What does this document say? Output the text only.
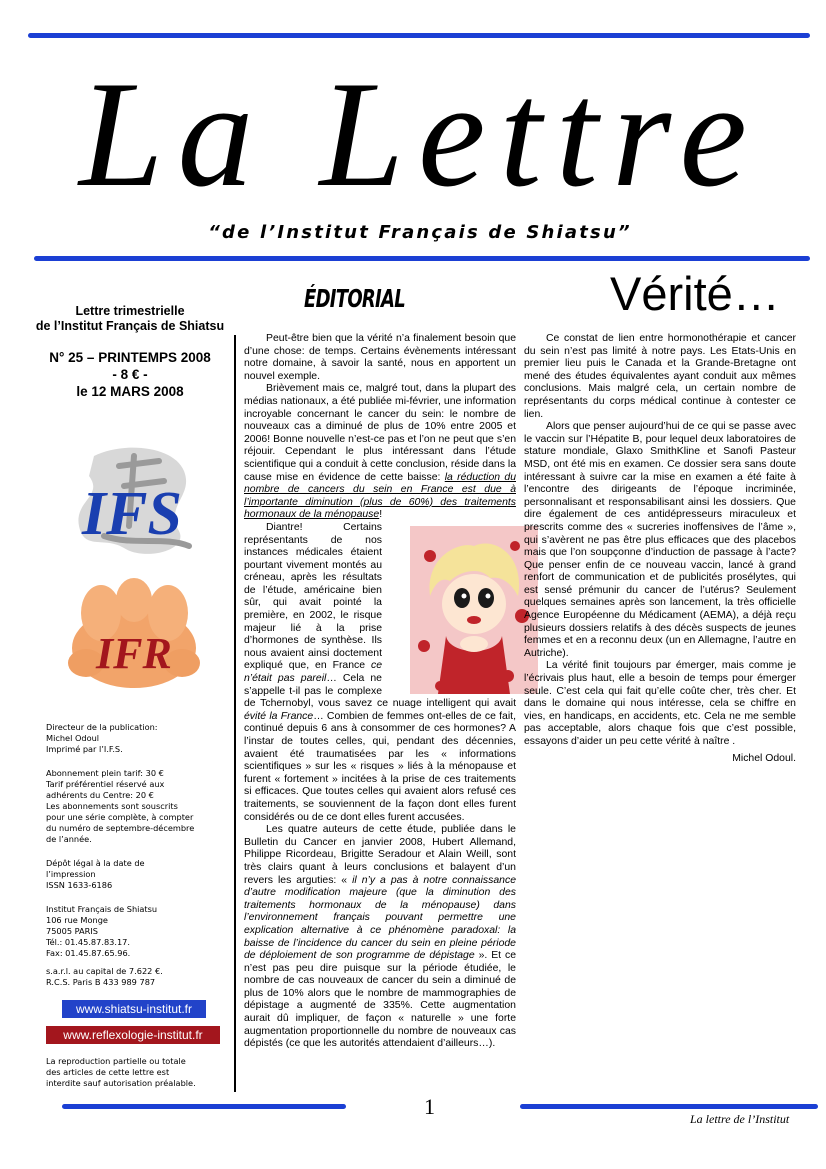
La Lettre
“de l’Institut Français de Shiatsu”
Lettre trimestrielle
de l’Institut Français de Shiatsu
N° 25 – PRINTEMPS 2008
- 8 € -
le 12 MARS 2008
IFS
IFR
Directeur de la publication:
Michel Odoul
Imprimé par l’I.F.S.
Abonnement plein tarif: 30 €
Tarif préférentiel réservé aux
adhérents du Centre: 20 €
Les abonnements sont souscrits
pour une série complète, à compter
du numéro de septembre-décembre
de l’année.
Dépôt légal à la date de
l’impression
ISSN 1633-6186
Institut Français de Shiatsu
106 rue Monge
75005 PARIS
Tél.: 01.45.87.83.17.
Fax: 01.45.87.65.96.
s.a.r.l. au capital de 7.622 €.
R.C.S. Paris B 433 989 787
www.shiatsu-institut.fr
www.reflexologie-institut.fr
La reproduction partielle ou totale
des articles de cette lettre est
interdite sauf autorisation préalable.
ÉDITORIAL	Vérité…

Peut-être bien que la vérité n’a finalement besoin que d’une chose: de temps. Certains évènements intéressant notre domaine, à savoir la santé, nous en apportent un nouvel exemple.

Brièvement mais ce, malgré tout, dans la plupart des médias nationaux, a été publiée mi-février, une information incroyable concernant le cancer du sein: le nombre de nouveaux cas a diminué de plus de 10% entre 2005 et 2006! Bonne nouvelle n’est-ce pas et l’on ne peut que s’en réjouir. Cependant le plus intéressant dans l’étude scientifique qui a conduit à cette conclusion, réside dans la cause mise en évidence de cette baisse: la réduction du nombre de cancers du sein en France est due à l’importante diminution (plus de 60%) des traitements hormonaux de la ménopause!

Diantre! Certains représentants de nos instances médicales étaient pourtant vivement montés au créneau, après les résultats de l’étude, américaine bien sûr, qui avait pointé la première, en 2002, le risque majeur lié à la prise d’hormones de synthèse. Ils nous avaient ainsi doctement expliqué que, en France ce n’était pas pareil… Cela ne s’appelle t-il pas le complexe de Tchernobyl, vous savez ce nuage intelligent qui avait évité la France… Combien de femmes ont-elles de ce fait, continué depuis 6 ans à consommer de ces hormones? A l’instar de toutes celles, qui, pendant des décennies, avaient été traumatisées par les « informations scientifiques » sur les « risques » liés à la ménopause et furent « fortement » incitées à la prise de ces traitements si efficaces. Que toutes celles qui avaient alors refusé ces traitements, se souviennent de la façon dont elles furent considérés ou de ce dont elles furent accusées.

Les quatre auteurs de cette étude, publiée dans le Bulletin du Cancer en janvier 2008, Hubert Allemand, Philippe Ricordeau, Brigitte Seradour et Alain Weill, sont très clairs quant à leurs conclusions et balayent d’un revers les arguties: « il n’y a pas à notre connaissance d’autre modification majeure (que la diminution des traitements hormonaux de la ménopause) dans l’environnement français pouvant permettre une explication alternative à ce phénomène paradoxal: la baisse de l’incidence du cancer du sein en pleine période de déploiement de son programme de dépistage ». Et ce n’est pas peu dire puisque sur la période étudiée, le nombre de cas nouveaux de cancer du sein a diminué de plus de 10% alors que le nombre de mammographies de dépistage a augmenté de 335%. Cette augmentation aurait dû impliquer, de façon « naturelle » une forte augmentation proportionnelle du nombre de nouveaux cas dépistés (ce que les autorités attendaient d’ailleurs…).

Ce constat de lien entre hormonothérapie et cancer du sein n’est pas limité à notre pays. Les Etats-Unis en premier lieu puis le Canada et la Grande-Bretagne ont mené des études équivalentes ayant conduit aux mêmes conclusions. Mais malgré cela, un certain nombre de représentants du corps médical continue à contester ce lien.

Alors que penser aujourd’hui de ce qui se passe avec le vaccin sur l’Hépatite B, pour lequel deux laboratoires de stature mondiale, Glaxo SmithKline et Sanofi Pasteur MSD, ont été mis en examen. Ce dossier sera sans doute intéressant à suivre car la mise en examen a été faite à l’encontre des dirigeants de l’époque incriminée, personnalisant et responsabilisant ainsi les dossiers. Que dire également de ces antidépresseurs miraculeux et prescrits comme des « sucreries inoffensives de l’âme », qui s’avèrent ne pas être plus efficaces que des placebos mais que l’on soupçonne d’induction de passage à l’acte? Que penser enfin de ce nouveau vaccin, lancé à grand renfort de communication et de publicités prosélytes, qui est sensé prémunir du cancer de l’utérus? Seulement quelques semaines après son lancement, la très officielle Agence Européenne du Médicament (AEMA), a déjà reçu plusieurs dossiers relatifs à des décès suspects de jeunes femmes et en a reconnu deux (un en Allemagne, l’autre en Autriche).

La vérité finit toujours par émerger, mais comme je l’écrivais plus haut, elle a besoin de temps pour émerger seule. C’est cela qui fait qu’elle coûte cher, très cher. Et dans le domaine qui nous intéresse, cela se chiffre en vies, en handicaps, en accidents, etc. Cela ne me semble pas acceptable, alors chaque fois que c’est possible, essayons d’aider un peu cette vérité à naître .

Michel Odoul.

1	La lettre de l’Institut
